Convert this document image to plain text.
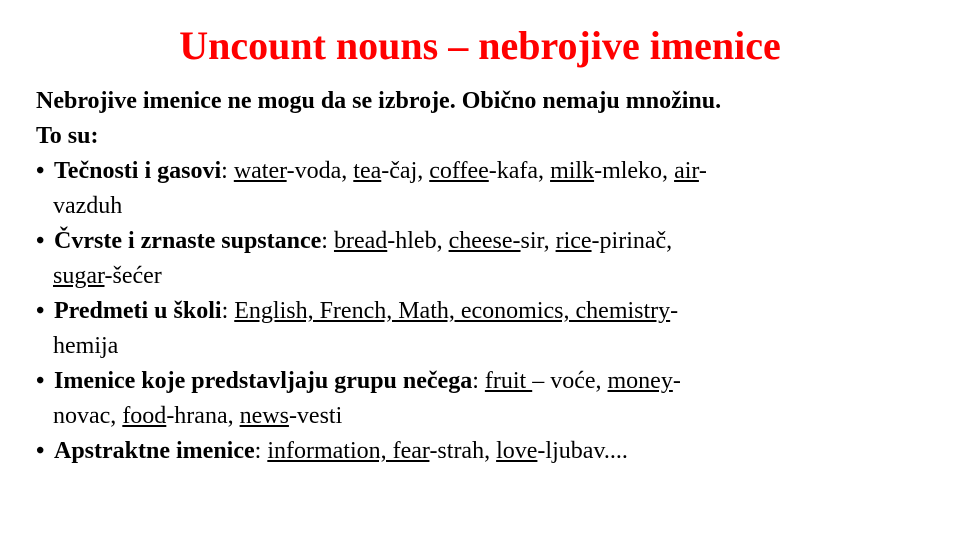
Uncount nouns – nebrojive imenice
Nebrojive imenice ne mogu da se izbroje. Obično nemaju množinu.
To su:
• Tečnosti i gasovi: water-voda, tea-čaj, coffee-kafa, milk-mleko, air-
vazduh
• Čvrste i zrnaste supstance: bread-hleb, cheese-sir, rice-pirinač,
sugar-šećer
• Predmeti u školi: English, French, Math, economics, chemistry-
hemija
• Imenice koje predstavljaju grupu nečega: fruit – voće, money-
novac, food-hrana, news-vesti
• Apstraktne imenice: information, fear-strah, love-ljubav....
